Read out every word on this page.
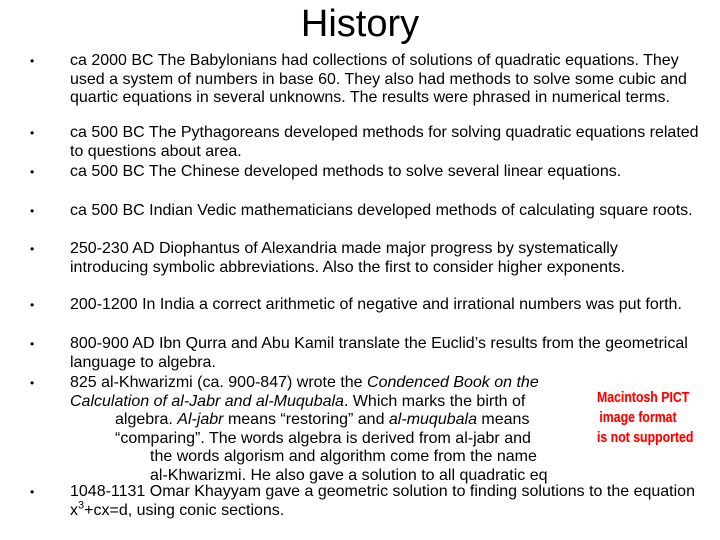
History
• ca 2000 BC The Babylonians had collections of solutions of quadratic equations. They used a system of numbers in base 60. They also had methods to solve some cubic and quartic equations in several unknowns. The results were phrased in numerical terms.
• ca 500 BC The Pythagoreans developed methods for solving quadratic equations related to questions about area.
• ca 500 BC The Chinese developed methods to solve several linear equations.
• ca 500 BC Indian Vedic mathematicians developed methods of calculating square roots.
• 250-230 AD Diophantus of Alexandria made major progress by systematically introducing symbolic abbreviations. Also the first to consider higher exponents.
• 200-1200 In India a correct arithmetic of negative and irrational numbers was put forth.
• 800-900 AD Ibn Qurra and Abu Kamil translate the Euclid’s results from the geometrical language to algebra.
• 825 al-Khwarizmi (ca. 900-847) wrote the Condenced Book on the
Calculation of al-Jabr and al-Muqubala. Which marks the birth of
algebra. Al-jabr means “restoring” and al-muqubala means
“comparing”. The words algebra is derived from al-jabr and
the words algorism and algorithm come from the name
al-Khwarizmi. He also gave a solution to all quadratic eq
• 1048-1131 Omar Khayyam gave a geometric solution to finding solutions to the equation $x^3+cx=d$, using conic sections.
Macintosh PICT
image format
is not supported
